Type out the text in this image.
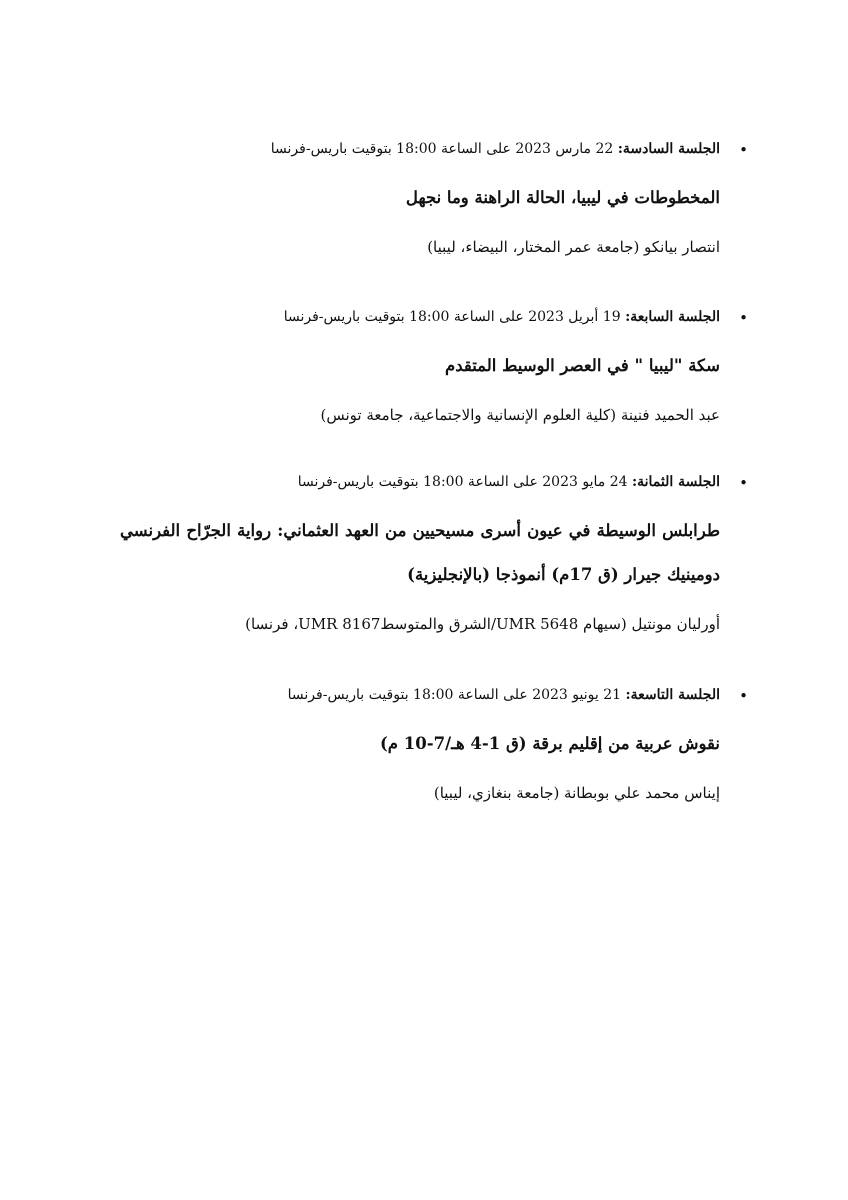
•
الجلسة السادسة: 22 مارس 2023 على الساعة 18:00 بتوقيت باريس-فرنسا
المخطوطات في ليبيا، الحالة الراهنة وما نجهل
انتصار بيانكو (جامعة عمر المختار، البيضاء، ليبيا)
•
الجلسة السابعة: 19 أبريل 2023 على الساعة 18:00 بتوقيت باريس-فرنسا
سكة "ليبيا " في العصر الوسيط المتقدم
عبد الحميد فنينة (كلية العلوم الإنسانية والاجتماعية، جامعة تونس)
•
الجلسة الثمانة: 24 مايو 2023 على الساعة 18:00 بتوقيت باريس-فرنسا
طرابلس الوسيطة في عيون أسرى مسيحيين من العهد العثماني: رواية الجرّاح الفرنسي دومينيك جيرار (ق 17م) أنموذجا (بالإنجليزية)
أورليان مونتيل (سيهام UMR 5648/الشرق والمتوسطUMR 8167، فرنسا)
•
الجلسة التاسعة: 21 يونيو 2023 على الساعة 18:00 بتوقيت باريس-فرنسا
نقوش عربية من إقليم برقة (ق 1-4 هـ/7-10 م)
إيناس محمد علي بوبطانة (جامعة بنغازي، ليبيا)
